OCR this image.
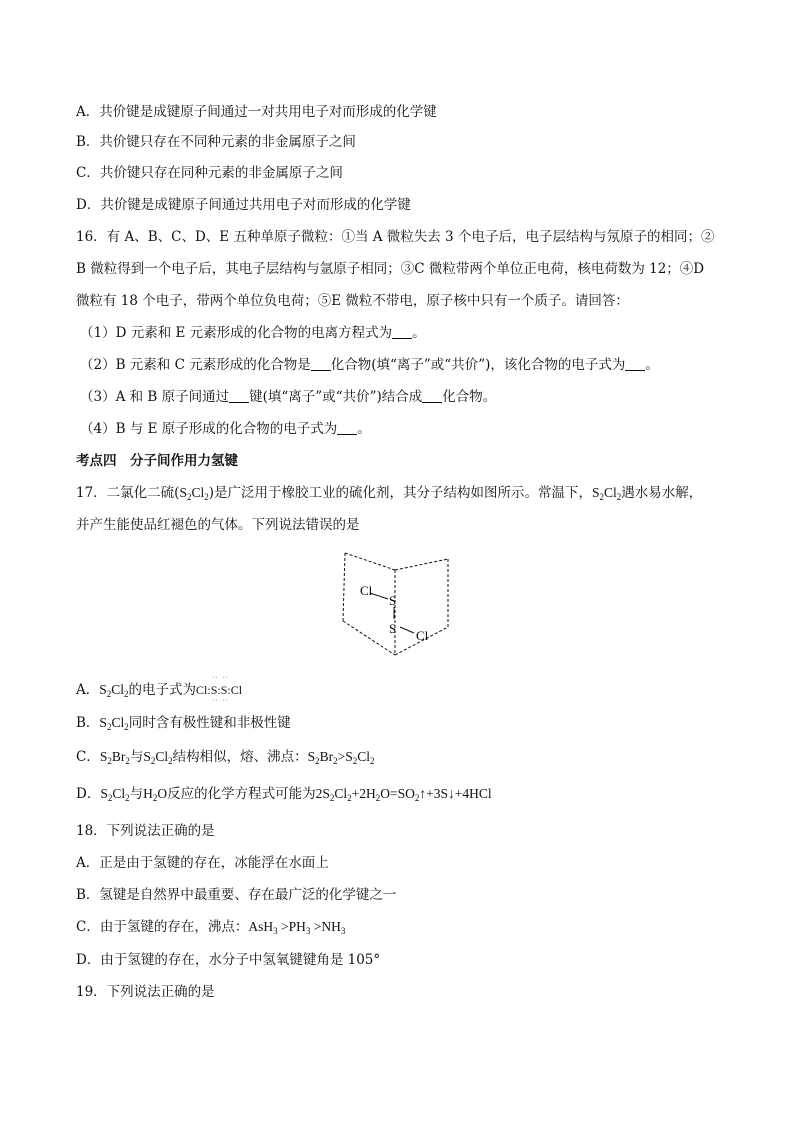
A．共价键是成键原子间通过一对共用电子对而形成的化学键
B．共价键只存在不同种元素的非金属原子之间
C．共价键只存在同种元素的非金属原子之间
D．共价键是成键原子间通过共用电子对而形成的化学键
16．有 A、B、C、D、E 五种单原子微粒：①当 A 微粒失去 3 个电子后，电子层结构与氖原子的相同；②
B 微粒得到一个电子后，其电子层结构与氩原子相同；③C 微粒带两个单位正电荷，核电荷数为 12；④D
微粒有 18 个电子，带两个单位负电荷；⑤E 微粒不带电，原子核中只有一个质子。请回答：
（1）D 元素和 E 元素形成的化合物的电离方程式为 。
（2）B 元素和 C 元素形成的化合物是 化合物(填“离子”或“共价”)，该化合物的电子式为 。
（3）A 和 B 原子间通过 键(填“离子”或“共价”)结合成 化合物。
（4）B 与 E 原子形成的化合物的电子式为 。
考点四　分子间作用力氢键
17．二氯化二硫$(S_2Cl_2)$是广泛用于橡胶工业的硫化剂，其分子结构如图所示。常温下，$S_2Cl_2$遇水易水解，
并产生能使品红褪色的气体。下列说法错误的是
Cl
S
S Cl
A．$S_2Cl_2$的电子式为Cl:S
··
··
:S
··
··
:Cl
B．$S_2Cl_2$同时含有极性键和非极性键
C．$S_2Br_2$与$S_2Cl_2$结构相似，熔、沸点：$S_2Br_2>S_2Cl_2$
D．$S_2Cl_2$与$H_2O$反应的化学方程式可能为$2S_2Cl_2+2H_2O=SO_2↑+3S↓+4HCl$
18．下列说法正确的是
A．正是由于氢键的存在，冰能浮在水面上
B．氢键是自然界中最重要、存在最广泛的化学键之一
C．由于氢键的存在，沸点：$AsH_3 >PH_3 >NH_3$
D．由于氢键的存在，水分子中氢氧键键角是 105°
19．下列说法正确的是
